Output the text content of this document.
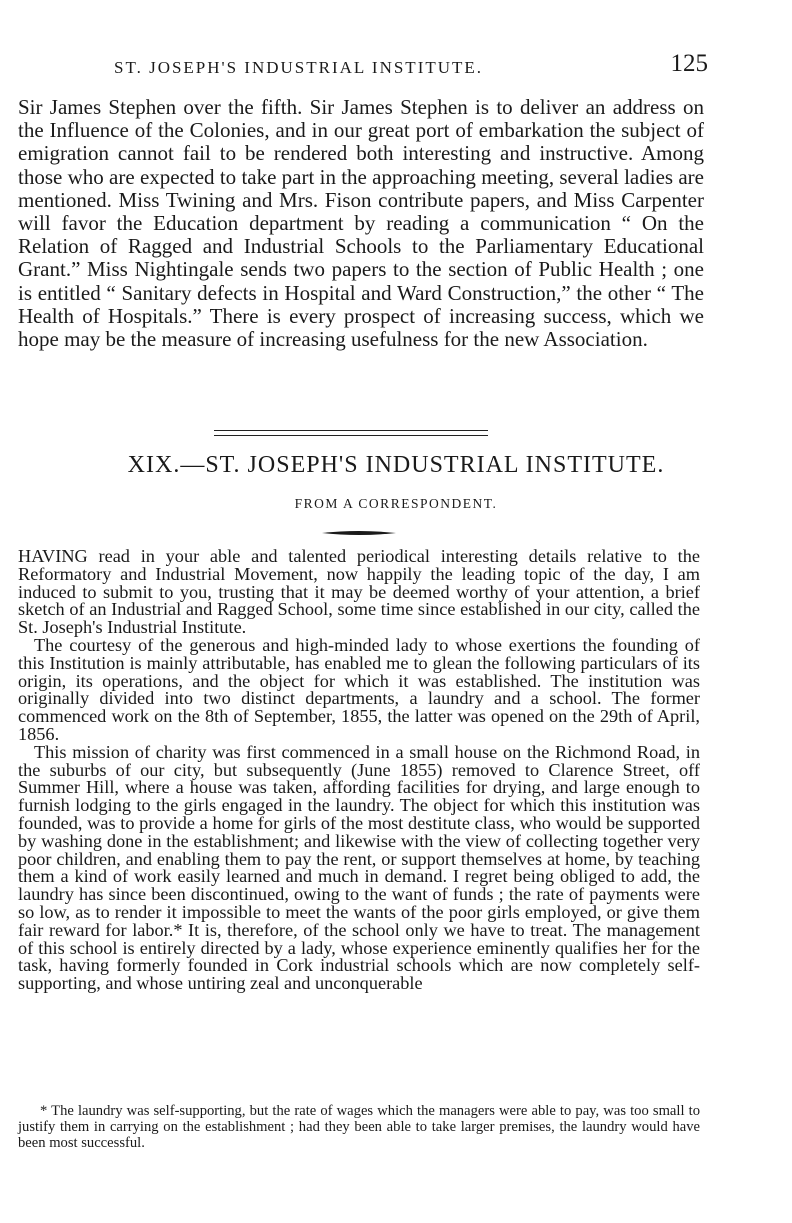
ST. JOSEPH'S INDUSTRIAL INSTITUTE.	125
Sir James Stephen over the fifth. Sir James Stephen is to deliver an address on the Influence of the Colonies, and in our great port of embarkation the subject of emigration cannot fail to be rendered both interesting and instructive. Among those who are expected to take part in the approaching meeting, several ladies are mentioned. Miss Twining and Mrs. Fison contribute papers, and Miss Carpenter will favor the Education department by reading a communication “ On the Relation of Ragged and Industrial Schools to the Parliamentary Educational Grant.” Miss Nightingale sends two papers to the section of Public Health ; one is entitled “ Sanitary defects in Hospital and Ward Construction,” the other “ The Health of Hospitals.” There is every prospect of increasing success, which we hope may be the measure of increasing usefulness for the new Association.
XIX.—ST. JOSEPH'S INDUSTRIAL INSTITUTE.
FROM A CORRESPONDENT.

HAVING read in your able and talented periodical interesting details relative to the Reformatory and Industrial Movement, now happily the leading topic of the day, I am induced to submit to you, trusting that it may be deemed worthy of your attention, a brief sketch of an Industrial and Ragged School, some time since established in our city, called the St. Joseph's Industrial Institute.

The courtesy of the generous and high-minded lady to whose exertions the founding of this Institution is mainly attributable, has enabled me to glean the following particulars of its origin, its operations, and the object for which it was established. The institution was originally divided into two distinct departments, a laundry and a school. The former commenced work on the 8th of September, 1855, the latter was opened on the 29th of April, 1856.

This mission of charity was first commenced in a small house on the Richmond Road, in the suburbs of our city, but subsequently (June 1855) removed to Clarence Street, off Summer Hill, where a house was taken, affording facilities for drying, and large enough to furnish lodging to the girls engaged in the laundry. The object for which this institution was founded, was to provide a home for girls of the most destitute class, who would be supported by washing done in the establishment; and likewise with the view of collecting together very poor children, and enabling them to pay the rent, or support themselves at home, by teaching them a kind of work easily learned and much in demand. I regret being obliged to add, the laundry has since been discontinued, owing to the want of funds ; the rate of payments were so low, as to render it impossible to meet the wants of the poor girls employed, or give them fair reward for labor.* It is, therefore, of the school only we have to treat. The management of this school is entirely directed by a lady, whose experience eminently qualifies her for the task, having formerly founded in Cork industrial schools which are now completely self-supporting, and whose untiring zeal and unconquerable

* The laundry was self-supporting, but the rate of wages which the managers were able to pay, was too small to justify them in carrying on the establishment ; had they been able to take larger premises, the laundry would have been most successful.
